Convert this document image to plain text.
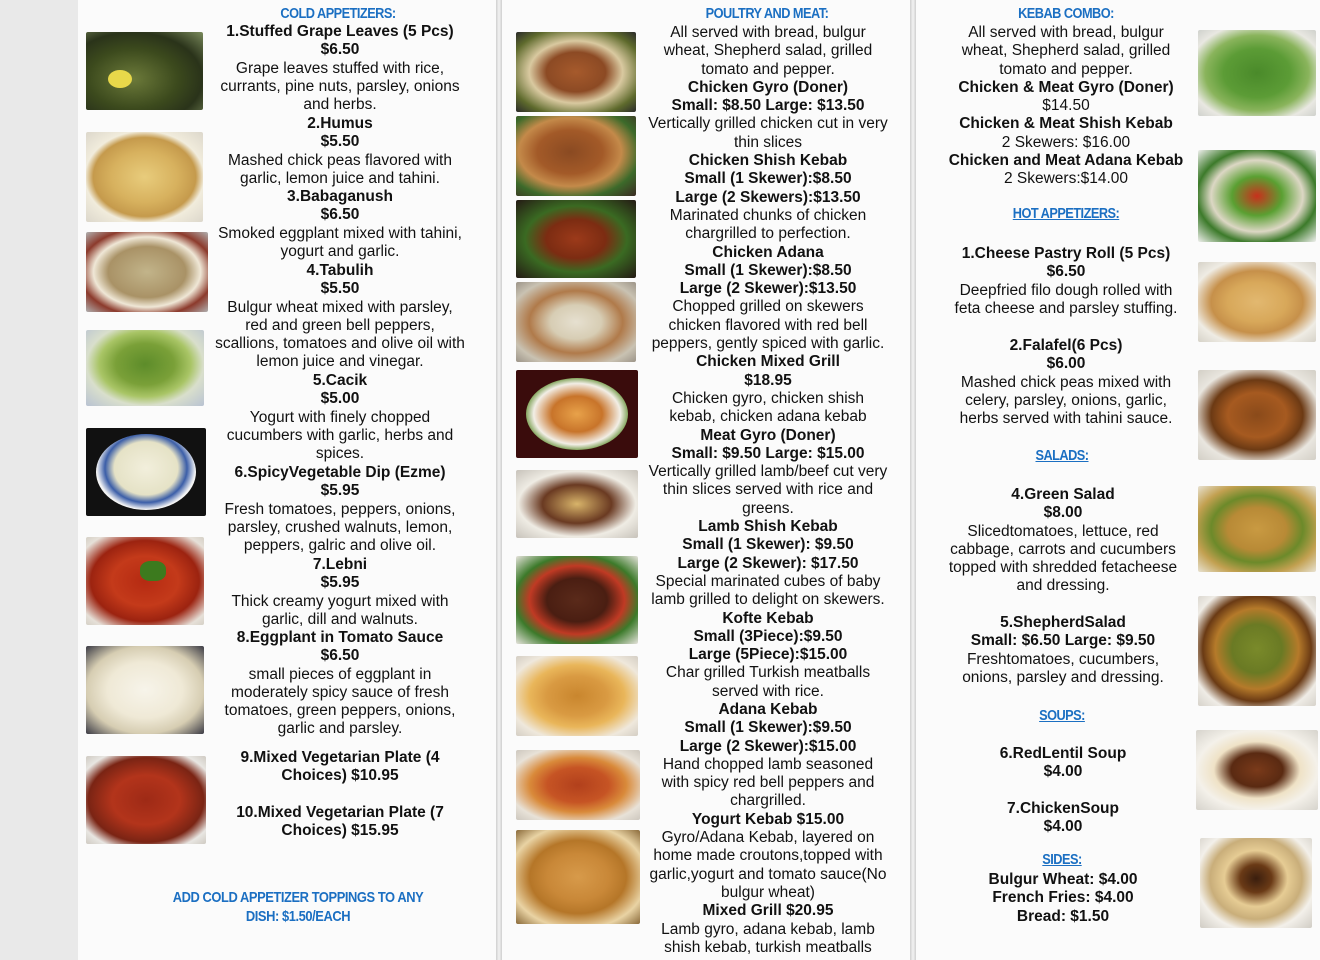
COLD APPETIZERS:
1.Stuffed Grape Leaves (5 Pcs)
$6.50
Grape leaves stuffed with rice,
currants, pine nuts, parsley, onions
and herbs.
2.Humus
$5.50
Mashed chick peas flavored with
garlic, lemon juice and tahini.
3.Babaganush
$6.50
Smoked eggplant mixed with tahini,
yogurt and garlic.
4.Tabulih
$5.50
Bulgur wheat mixed with parsley,
red and green bell peppers,
scallions, tomatoes and olive oil with
lemon juice and vinegar.
5.Cacik
$5.00
Yogurt with finely chopped
cucumbers with garlic, herbs and
spices.
6.SpicyVegetable Dip (Ezme)
$5.95
Fresh tomatoes, peppers, onions,
parsley, crushed walnuts, lemon,
peppers, galric and olive oil.
7.Lebni
$5.95
Thick creamy yogurt mixed with
garlic, dill and walnuts.
8.Eggplant in Tomato Sauce
$6.50
small pieces of eggplant in
moderately spicy sauce of fresh
tomatoes, green peppers, onions,
garlic and parsley.
9.Mixed Vegetarian Plate (4
Choices) $10.95
10.Mixed Vegetarian Plate (7
Choices) $15.95
ADD COLD APPETIZER TOPPINGS TO ANY
DISH: $1.50/EACH
POULTRY AND MEAT:
All served with bread, bulgur
wheat, Shepherd salad, grilled
tomato and pepper.
Chicken Gyro (Doner)
Small: $8.50 Large: $13.50
Vertically grilled chicken cut in very
thin slices
Chicken Shish Kebab
Small (1 Skewer):$8.50
Large (2 Skewers):$13.50
Marinated chunks of chicken
chargrilled to perfection.
Chicken Adana
Small (1 Skewer):$8.50
Large (2 Skewer):$13.50
Chopped grilled on skewers
chicken flavored with red bell
peppers, gently spiced with garlic.
Chicken Mixed Grill
$18.95
Chicken gyro, chicken shish
kebab, chicken adana kebab
Meat Gyro (Doner)
Small: $9.50 Large: $15.00
Vertically grilled lamb/beef cut very
thin slices served with rice and
greens.
Lamb Shish Kebab
Small (1 Skewer): $9.50
Large (2 Skewer): $17.50
Special marinated cubes of baby
lamb grilled to delight on skewers.
Kofte Kebab
Small (3Piece):$9.50
Large (5Piece):$15.00
Char grilled Turkish meatballs
served with rice.
Adana Kebab
Small (1 Skewer):$9.50
Large (2 Skewer):$15.00
Hand chopped lamb seasoned
with spicy red bell peppers and
chargrilled.
Yogurt Kebab $15.00
Gyro/Adana Kebab, layered on
home made croutons,topped with
garlic,yogurt and tomato sauce(No
bulgur wheat)
Mixed Grill $20.95
Lamb gyro, adana kebab, lamb
shish kebab, turkish meatballs
KEBAB COMBO:
All served with bread, bulgur
wheat, Shepherd salad, grilled
tomato and pepper.
Chicken & Meat Gyro (Doner)
$14.50
Chicken & Meat Shish Kebab
2 Skewers: $16.00
Chicken and Meat Adana Kebab
2 Skewers:$14.00
HOT APPETIZERS:
1.Cheese Pastry Roll (5 Pcs)
$6.50
Deepfried filo dough rolled with
feta cheese and parsley stuffing.
2.Falafel(6 Pcs)
$6.00
Mashed chick peas mixed with
celery, parsley, onions, garlic,
herbs served with tahini sauce.
SALADS:
4.Green Salad
$8.00
Slicedtomatoes, lettuce, red
cabbage, carrots and cucumbers
topped with shredded fetacheese
and dressing.
5.ShepherdSalad
Small: $6.50 Large: $9.50
Freshtomatoes, cucumbers,
onions, parsley and dressing.
SOUPS:
6.RedLentil Soup
$4.00
7.ChickenSoup
$4.00
SIDES:
Bulgur Wheat: $4.00
French Fries: $4.00
Bread: $1.50
